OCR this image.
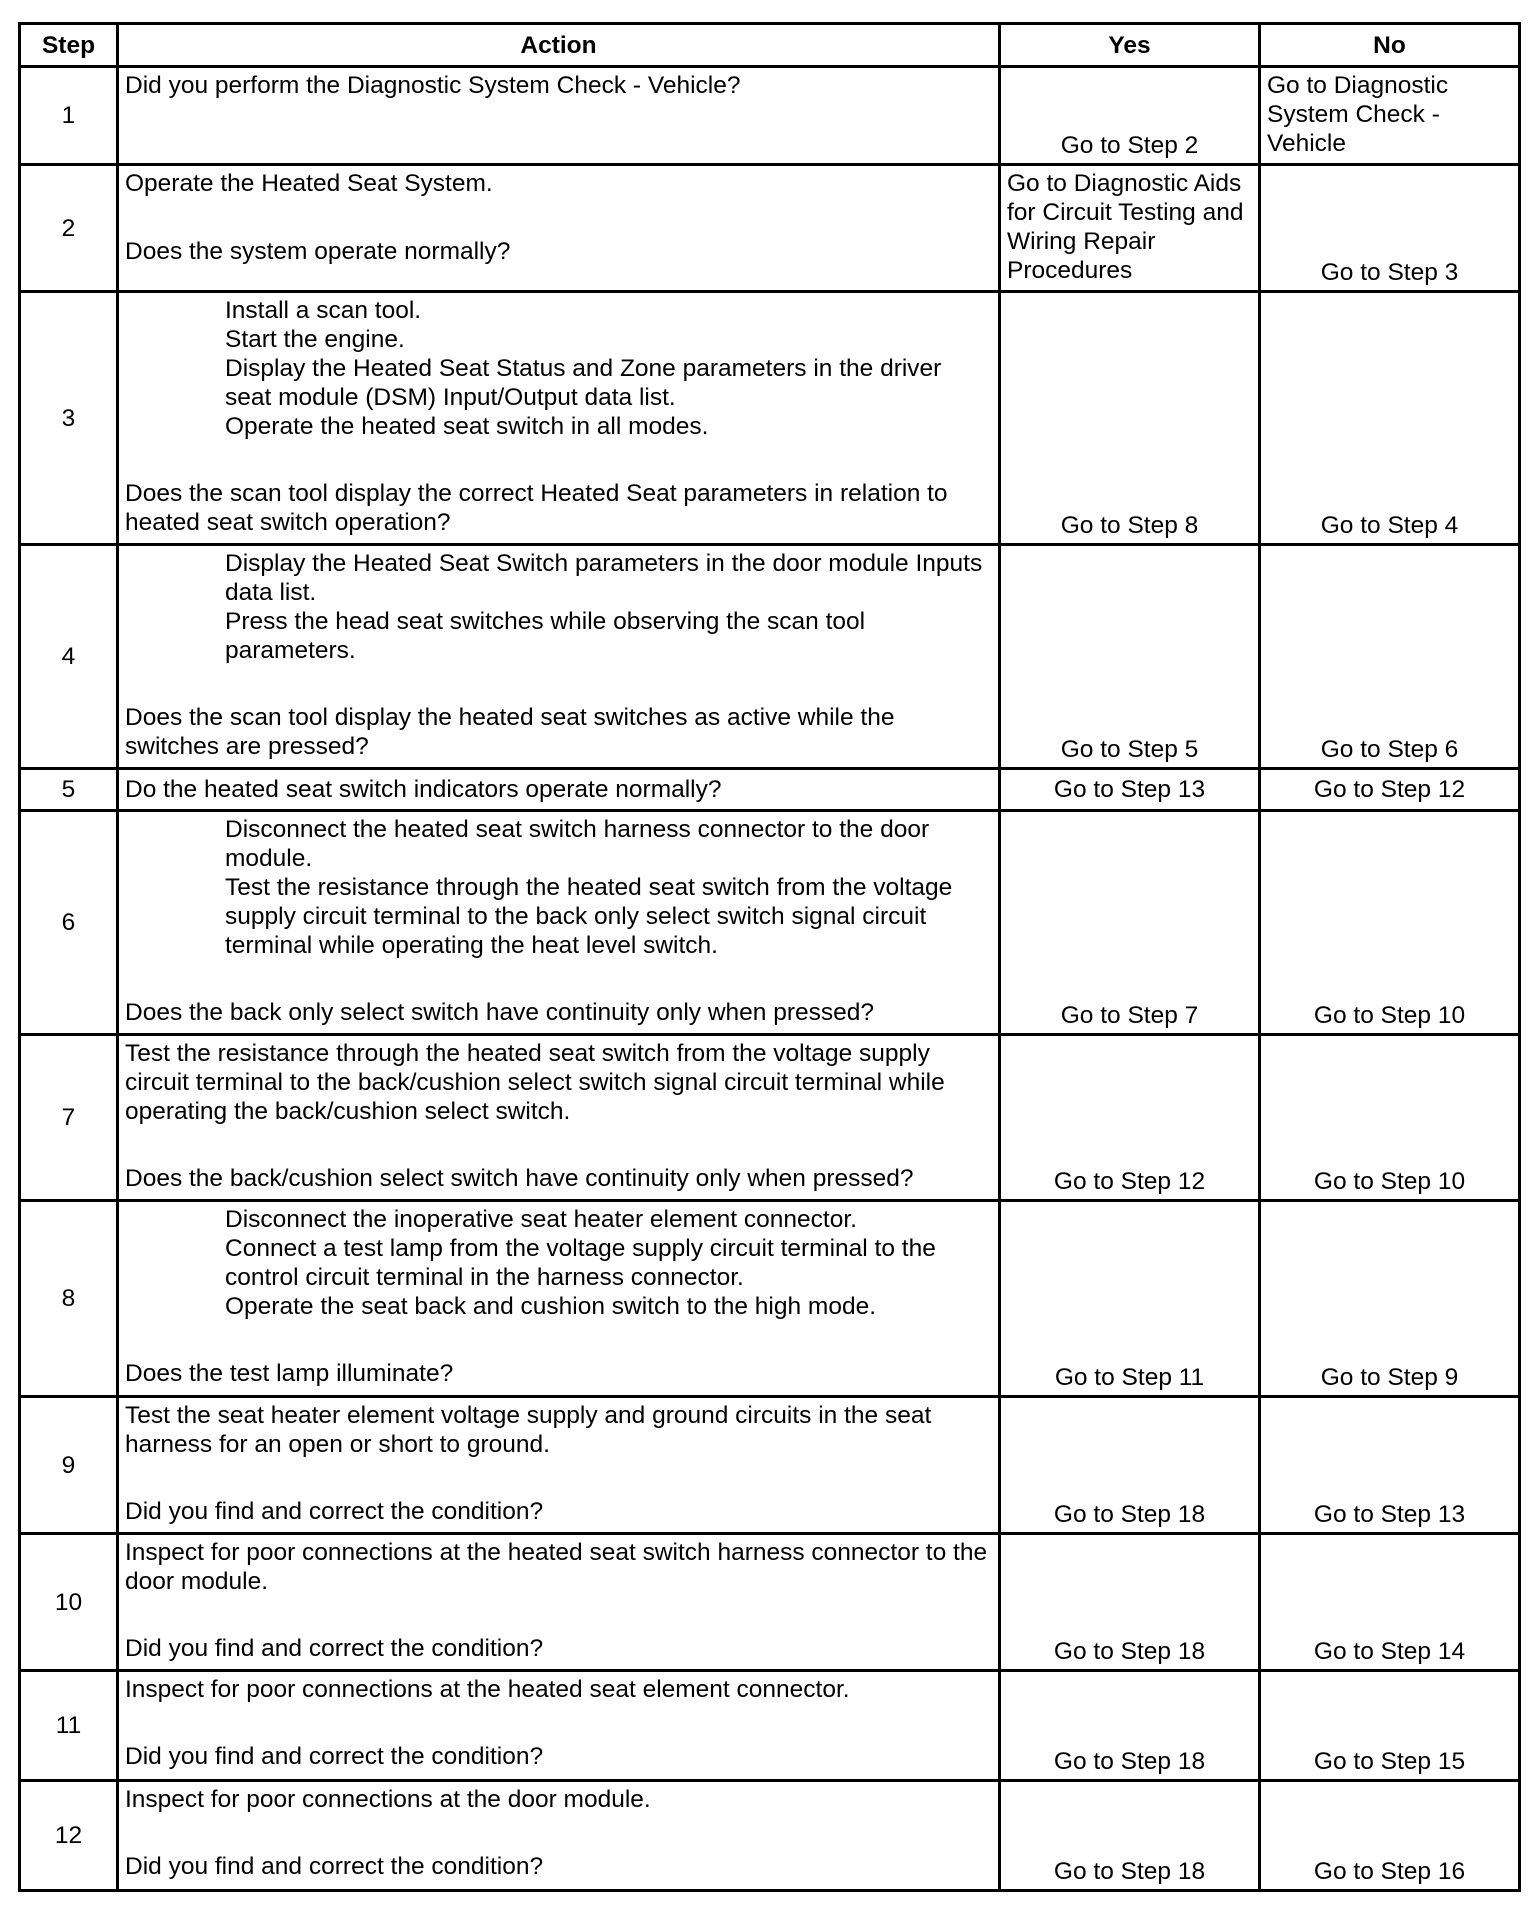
Step	Action	Yes	No
1	Did you perform the Diagnostic System Check - Vehicle?	Go to Step 2	Go to Diagnostic System Check - Vehicle
2	Operate the Heated Seat System.
Does the system operate normally?	Go to Diagnostic Aids for Circuit Testing and Wiring Repair Procedures	Go to Step 3
3	Install a scan tool.
Start the engine.
Display the Heated Seat Status and Zone parameters in the driver seat module (DSM) Input/Output data list.
Operate the heated seat switch in all modes.
Does the scan tool display the correct Heated Seat parameters in relation to heated seat switch operation?	Go to Step 8	Go to Step 4
4	Display the Heated Seat Switch parameters in the door module Inputs data list.
Press the head seat switches while observing the scan tool parameters.
Does the scan tool display the heated seat switches as active while the switches are pressed?	Go to Step 5	Go to Step 6
5	Do the heated seat switch indicators operate normally?	Go to Step 13	Go to Step 12
6	Disconnect the heated seat switch harness connector to the door module.
Test the resistance through the heated seat switch from the voltage supply circuit terminal to the back only select switch signal circuit terminal while operating the heat level switch.
Does the back only select switch have continuity only when pressed?	Go to Step 7	Go to Step 10
7	Test the resistance through the heated seat switch from the voltage supply circuit terminal to the back/cushion select switch signal circuit terminal while operating the back/cushion select switch.
Does the back/cushion select switch have continuity only when pressed?	Go to Step 12	Go to Step 10
8	Disconnect the inoperative seat heater element connector.
Connect a test lamp from the voltage supply circuit terminal to the control circuit terminal in the harness connector.
Operate the seat back and cushion switch to the high mode.
Does the test lamp illuminate?	Go to Step 11	Go to Step 9
9	Test the seat heater element voltage supply and ground circuits in the seat harness for an open or short to ground.
Did you find and correct the condition?	Go to Step 18	Go to Step 13
10	Inspect for poor connections at the heated seat switch harness connector to the door module.
Did you find and correct the condition?	Go to Step 18	Go to Step 14
11	Inspect for poor connections at the heated seat element connector.
Did you find and correct the condition?	Go to Step 18	Go to Step 15
12	Inspect for poor connections at the door module.
Did you find and correct the condition?	Go to Step 18	Go to Step 16
